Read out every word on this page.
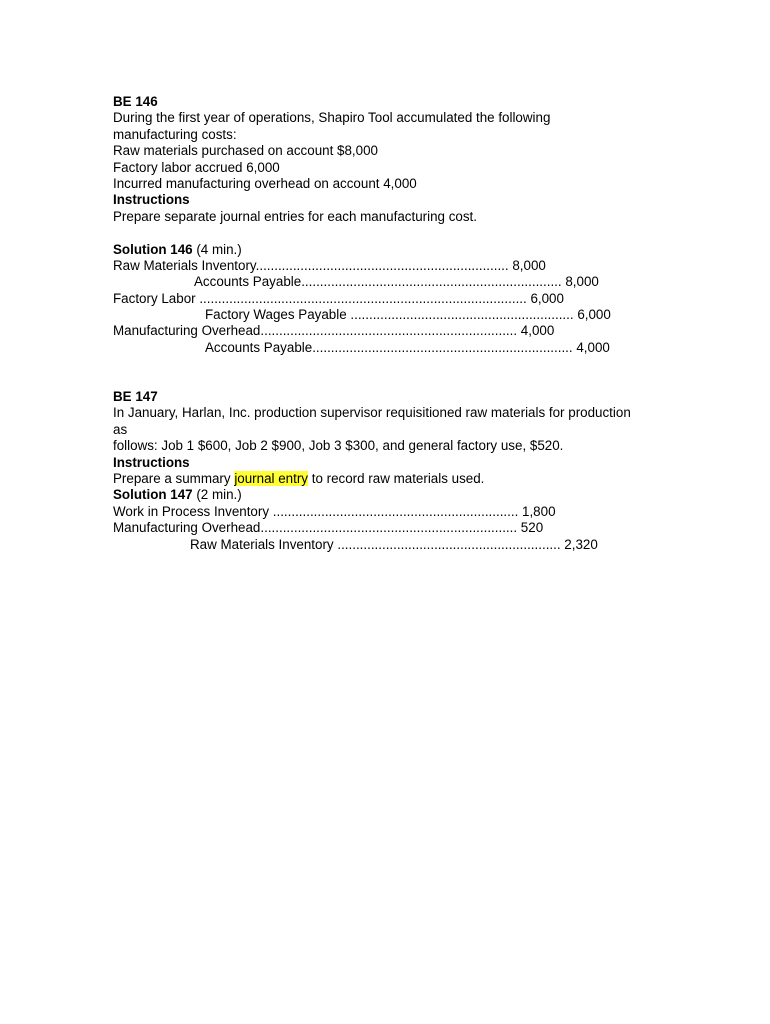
BE 146
During the first year of operations, Shapiro Tool accumulated the following
manufacturing costs:
Raw materials purchased on account $8,000
Factory labor accrued 6,000
Incurred manufacturing overhead on account 4,000
Instructions
Prepare separate journal entries for each manufacturing cost.
Solution 146 (4 min.)
Raw Materials Inventory.................................................................... 8,000
Accounts Payable...................................................................... 8,000
Factory Labor ........................................................................................ 6,000
Factory Wages Payable ............................................................ 6,000
Manufacturing Overhead..................................................................... 4,000
Accounts Payable...................................................................... 4,000
BE 147
In January, Harlan, Inc. production supervisor requisitioned raw materials for production
as
follows: Job 1 $600, Job 2 $900, Job 3 $300, and general factory use, $520.
Instructions
Prepare a summary journal entry to record raw materials used.
Solution 147 (2 min.)
Work in Process Inventory .................................................................. 1,800
Manufacturing Overhead..................................................................... 520
Raw Materials Inventory ............................................................ 2,320
